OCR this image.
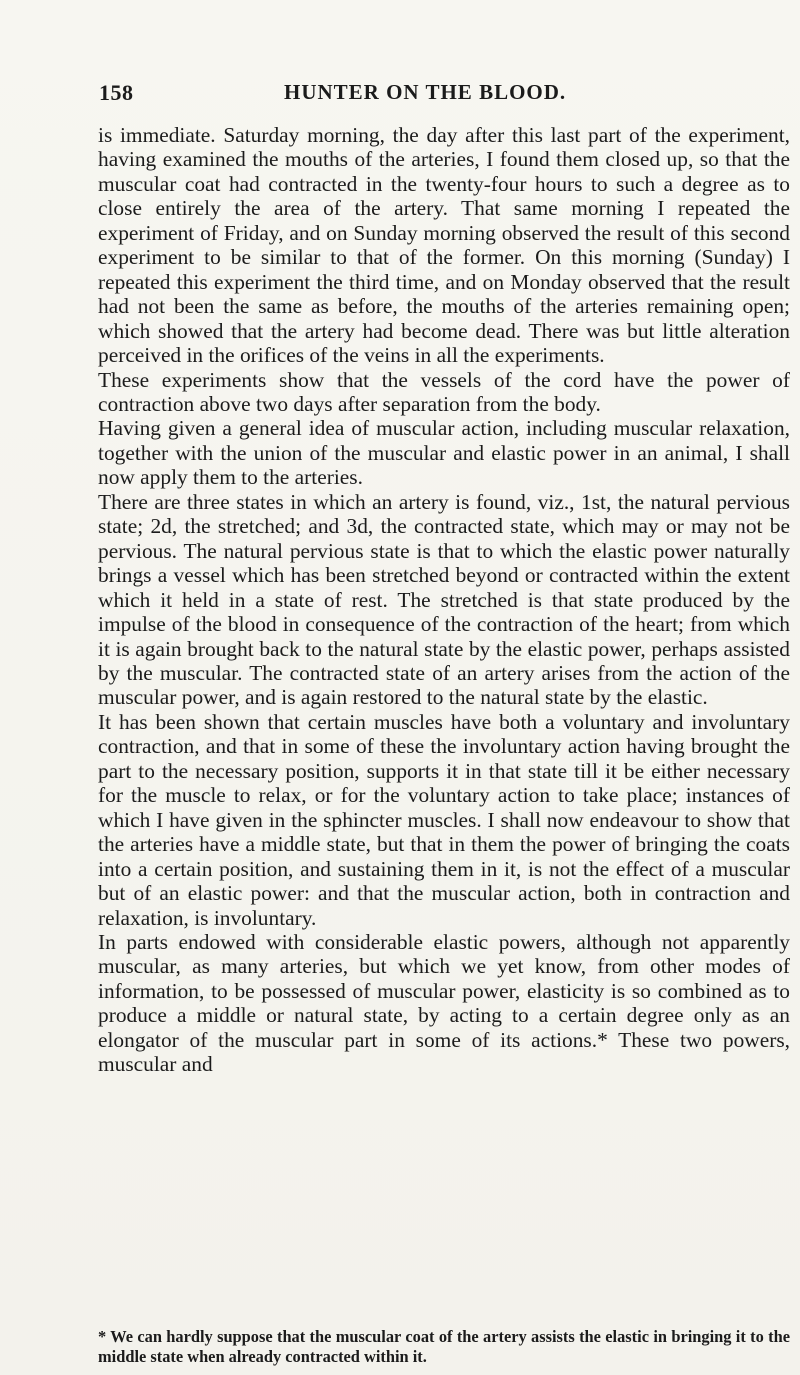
158	HUNTER ON THE BLOOD.

is immediate. Saturday morning, the day after this last part of the experiment, having examined the mouths of the arteries, I found them closed up, so that the muscular coat had contracted in the twenty-four hours to such a degree as to close entirely the area of the artery. That same morning I repeated the experiment of Friday, and on Sunday morning observed the result of this second experiment to be similar to that of the former. On this morning (Sunday) I repeated this experiment the third time, and on Monday observed that the result had not been the same as before, the mouths of the arteries remaining open; which showed that the artery had become dead. There was but little alteration perceived in the orifices of the veins in all the experiments.

These experiments show that the vessels of the cord have the power of contraction above two days after separation from the body.

Having given a general idea of muscular action, including muscular relaxation, together with the union of the muscular and elastic power in an animal, I shall now apply them to the arteries.

There are three states in which an artery is found, viz., 1st, the natural pervious state; 2d, the stretched; and 3d, the contracted state, which may or may not be pervious. The natural pervious state is that to which the elastic power naturally brings a vessel which has been stretched beyond or contracted within the extent which it held in a state of rest. The stretched is that state produced by the impulse of the blood in consequence of the contraction of the heart; from which it is again brought back to the natural state by the elastic power, perhaps assisted by the muscular. The contracted state of an artery arises from the action of the muscular power, and is again restored to the natural state by the elastic.

It has been shown that certain muscles have both a voluntary and involuntary contraction, and that in some of these the involuntary action having brought the part to the necessary position, supports it in that state till it be either necessary for the muscle to relax, or for the voluntary action to take place; instances of which I have given in the sphincter muscles. I shall now endeavour to show that the arteries have a middle state, but that in them the power of bringing the coats into a certain position, and sustaining them in it, is not the effect of a muscular but of an elastic power: and that the muscular action, both in contraction and relaxation, is involuntary.

In parts endowed with considerable elastic powers, although not apparently muscular, as many arteries, but which we yet know, from other modes of information, to be possessed of muscular power, elasticity is so combined as to produce a middle or natural state, by acting to a certain degree only as an elongator of the muscular part in some of its actions.* These two powers, muscular and

* We can hardly suppose that the muscular coat of the artery assists the elastic in bringing it to the middle state when already contracted within it.
